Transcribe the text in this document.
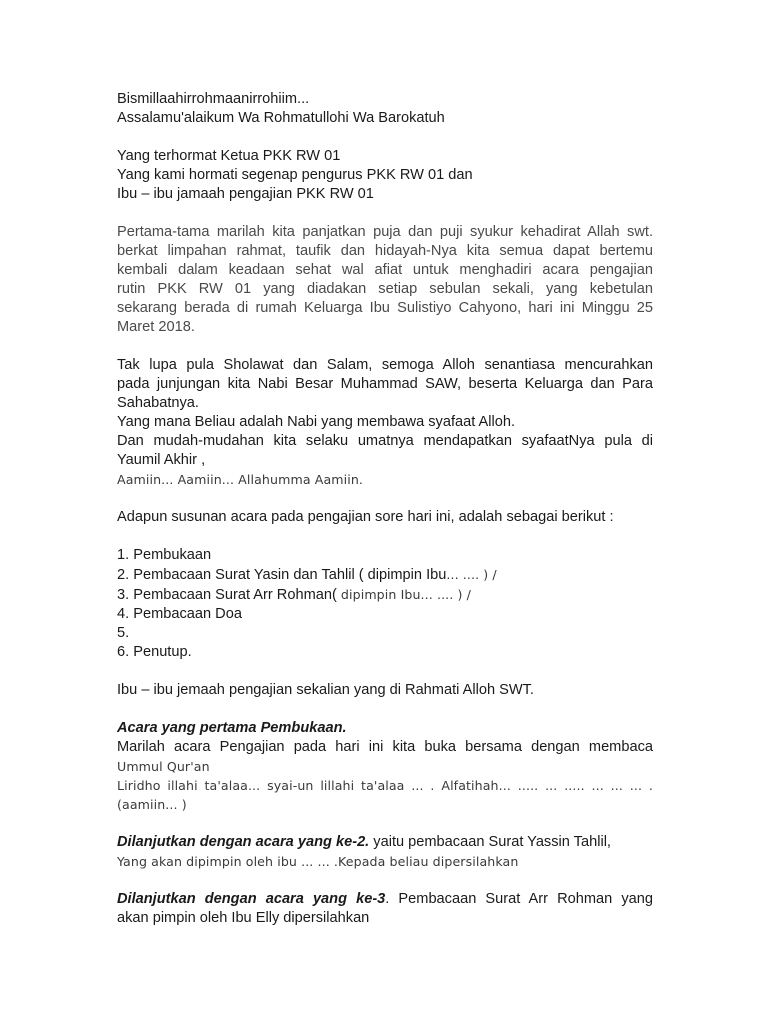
Bismillaahirrohmaanirrohiim...
Assalamu'alaikum Wa Rohmatullohi Wa Barokatuh
Yang terhormat Ketua PKK RW 01
Yang kami hormati segenap pengurus PKK RW 01 dan
Ibu – ibu jamaah pengajian PKK RW 01
Pertama-tama marilah kita panjatkan puja dan puji syukur kehadirat Allah swt.
berkat limpahan rahmat, taufik dan hidayah-Nya kita semua dapat bertemu
kembali dalam keadaan sehat wal afiat untuk menghadiri acara pengajian
rutin PKK RW 01 yang diadakan setiap sebulan sekali, yang kebetulan
sekarang berada di rumah Keluarga Ibu Sulistiyo Cahyono, hari ini Minggu 25
Maret 2018.
Tak lupa pula Sholawat dan Salam, semoga Alloh senantiasa mencurahkan
pada junjungan kita Nabi Besar Muhammad SAW, beserta Keluarga dan Para
Sahabatnya.
Yang mana Beliau adalah Nabi yang membawa syafaat Alloh.
Dan mudah-mudahan kita selaku umatnya mendapatkan syafaatNya pula di
Yaumil Akhir ,
Aamiin... Aamiin... Allahumma Aamiin.
Adapun susunan acara pada pengajian sore hari ini, adalah sebagai berikut :
1. Pembukaan
2. Pembacaan Surat Yasin dan Tahlil ( dipimpin Ibu... .... ) /
3. Pembacaan Surat Arr Rohman( dipimpin Ibu... .... ) /
4. Pembacaan Doa
5.
6. Penutup.
Ibu – ibu jemaah pengajian sekalian yang di Rahmati Alloh SWT.
Acara yang pertama Pembukaan.
Marilah acara Pengajian pada hari ini kita buka bersama dengan membaca
Ummul Qur'an
Liridho illahi ta'alaa... syai-un lillahi ta'alaa ... . Alfatihah... ..... ... ..... ... ... ... .
(aamiin... )
Dilanjutkan dengan acara yang ke-2. yaitu pembacaan Surat Yassin Tahlil,
Yang akan dipimpin oleh ibu ... ... .Kepada beliau dipersilahkan
Dilanjutkan dengan acara yang ke-3. Pembacaan Surat Arr Rohman yang
akan pimpin oleh Ibu Elly dipersilahkan
